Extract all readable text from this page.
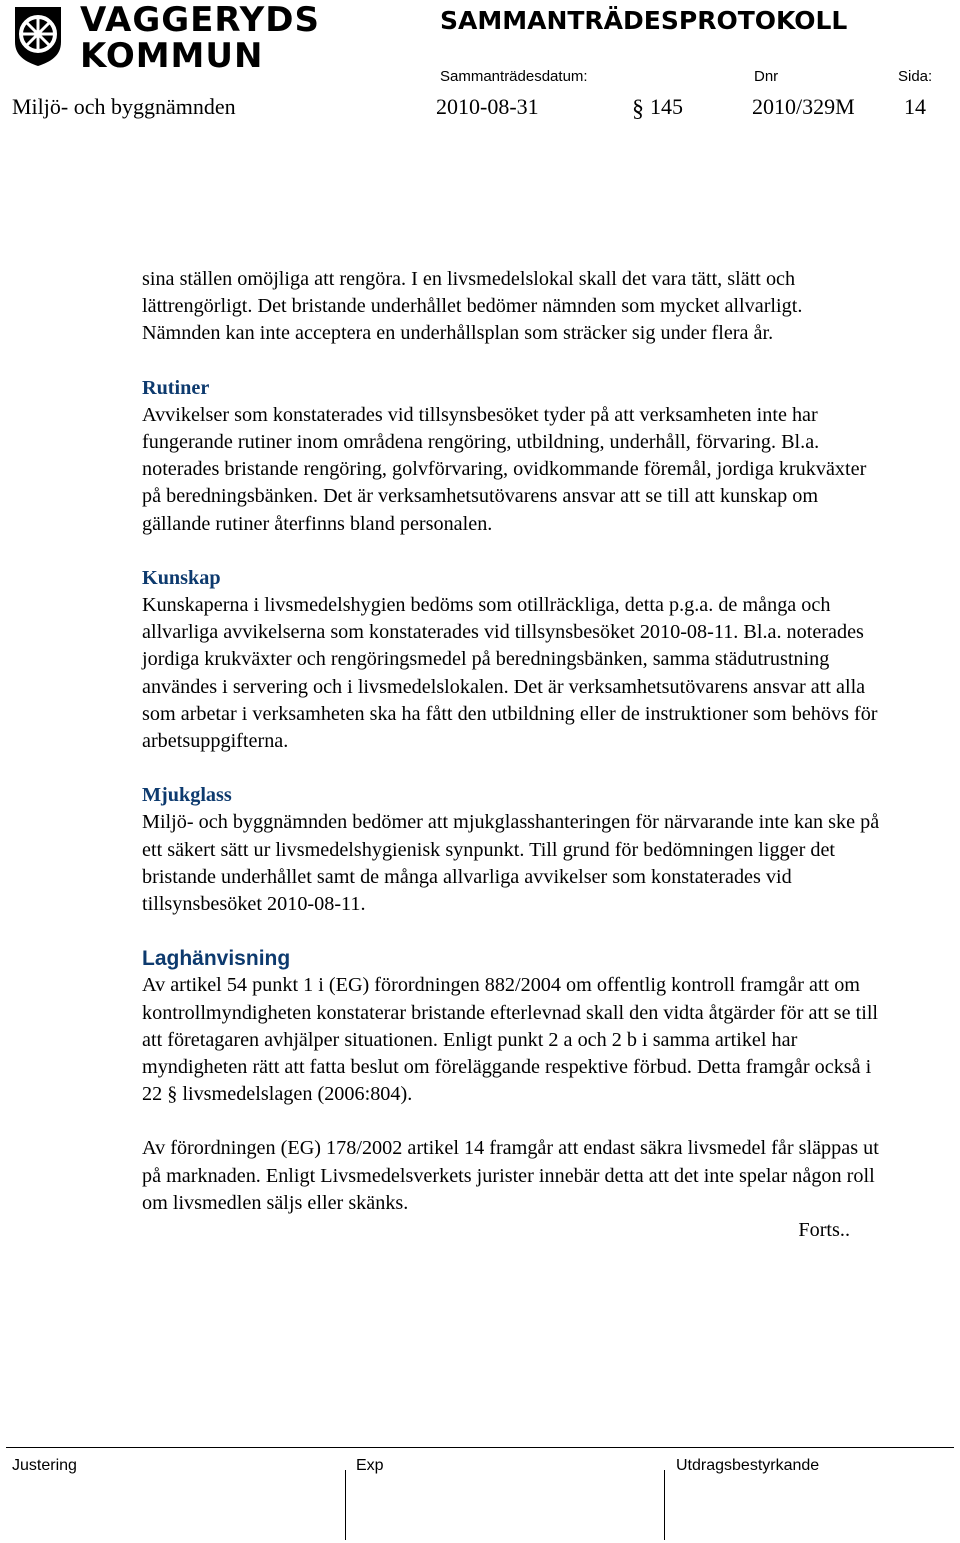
VAGGERYDS
KOMMUN
SAMMANTRÄDESPROTOKOLL
Sammanträdesdatum:	Dnr	Sida:
Miljö- och byggnämnden	2010-08-31	§ 145	2010/329M 14

sina ställen omöjliga att rengöra. I en livsmedelslokal skall det vara tätt, slätt och lättrengörligt. Det bristande underhållet bedömer nämnden som mycket allvarligt. Nämnden kan inte acceptera en underhållsplan som sträcker sig under flera år.

Rutiner

Avvikelser som konstaterades vid tillsynsbesöket tyder på att verksamheten inte har fungerande rutiner inom områdena rengöring, utbildning, underhåll, förvaring. Bl.a. noterades bristande rengöring, golvförvaring, ovidkommande föremål, jordiga krukväxter på beredningsbänken. Det är verksamhetsutövarens ansvar att se till att kunskap om gällande rutiner återfinns bland personalen.

Kunskap

Kunskaperna i livsmedelshygien bedöms som otillräckliga, detta p.g.a. de många och allvarliga avvikelserna som konstaterades vid tillsynsbesöket 2010-08-11. Bl.a. noterades jordiga krukväxter och rengöringsmedel på beredningsbänken, samma städutrustning användes i servering och i livsmedelslokalen. Det är verksamhetsutövarens ansvar att alla som arbetar i verksamheten ska ha fått den utbildning eller de instruktioner som behövs för arbetsuppgifterna.

Mjukglass

Miljö- och byggnämnden bedömer att mjukglasshanteringen för närvarande inte kan ske på ett säkert sätt ur livsmedelshygienisk synpunkt. Till grund för bedömningen ligger det bristande underhållet samt de många allvarliga avvikelser som konstaterades vid tillsynsbesöket 2010-08-11.

Laghänvisning

Av artikel 54 punkt 1 i (EG) förordningen 882/2004 om offentlig kontroll framgår att om kontrollmyndigheten konstaterar bristande efterlevnad skall den vidta åtgärder för att se till att företagaren avhjälper situationen. Enligt punkt 2 a och 2 b i samma artikel har myndigheten rätt att fatta beslut om föreläggande respektive förbud. Detta framgår också i 22 § livsmedelslagen (2006:804).

Av förordningen (EG) 178/2002 artikel 14 framgår att endast säkra livsmedel får släppas ut på marknaden. Enligt Livsmedelsverkets jurister innebär detta att det inte spelar någon roll om livsmedlen säljs eller skänks.

Forts..

Justering	Exp	Utdragsbestyrkande
